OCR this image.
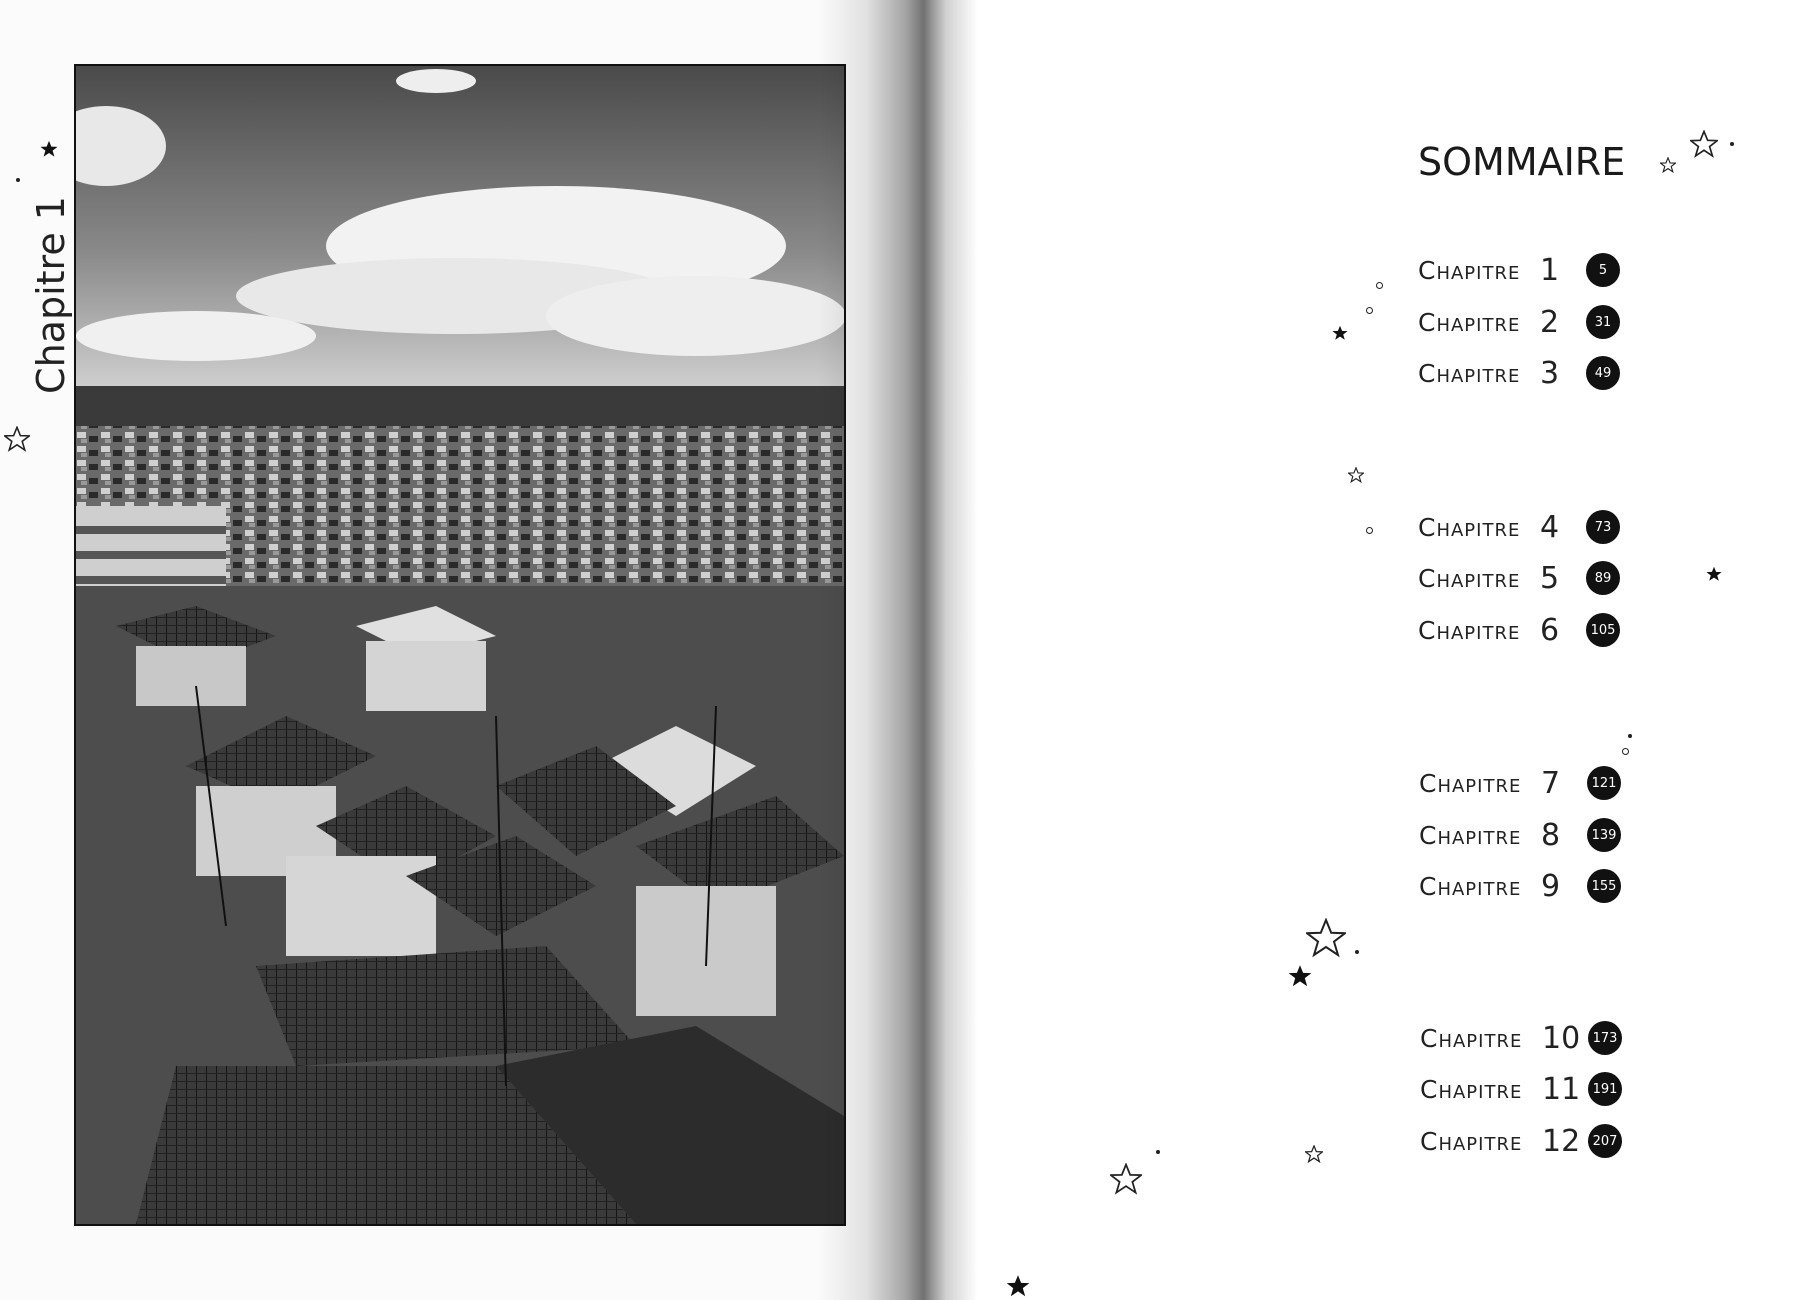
Chapitre 1
SOMMAIRE
Chapitre 1	5
Chapitre 2	31
Chapitre 3	49
Chapitre 4	73
Chapitre 5	89
Chapitre 6	105
Chapitre 7	121
Chapitre 8	139
Chapitre 9	155
Chapitre 10 173
Chapitre 11 191
Chapitre 12 207
